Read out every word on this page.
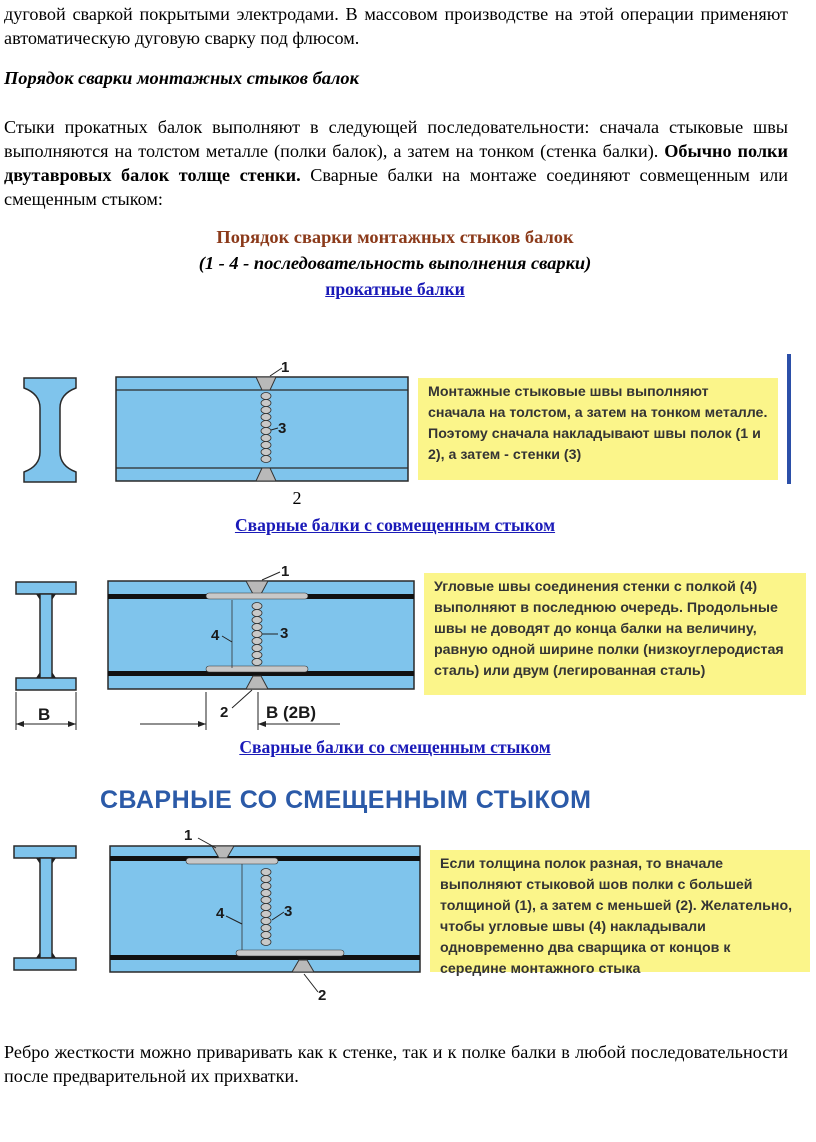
дуговой сваркой покрытыми электродами. В массовом производстве на этой операции применяют автоматическую дуговую сварку под флюсом.

Порядок сварки монтажных стыков балок

Стыки прокатных балок выполняют в следующей последовательности: сначала стыковые швы выполняются на толстом металле (полки балок), а затем на тонком (стенка балки). Обычно полки двутавровых балок толще стенки. Сварные балки на монтаже соединяют совмещенным или смещенным стыком:

Порядок сварки монтажных стыков балок

(1 - 4 - последовательность выполнения сварки)

прокатные балки

1
3
Монтажные стыковые швы выполняют сначала на толстом, а затем на тонком металле. Поэтому сначала накладывают швы полок (1 и 2), а затем - стенки (3)

2

Сварные балки с совмещенным стыком

1
3
4
2
В	В (2В)
Угловые швы соединения стенки с полкой (4) выполняют в последнюю очередь. Продольные швы не доводят до конца балки на величину, равную одной ширине полки (низкоуглеродистая сталь) или двум (легированная сталь)

Сварные балки со смещенным стыком

СВАРНЫЕ СО СМЕЩЕННЫМ СТЫКОМ
1
3
4
2
Если толщина полок разная, то вначале выполняют стыковой шов полки с большей толщиной (1), а затем с меньшей (2). Желательно, чтобы угловые швы (4) накладывали одновременно два сварщика от концов к середине монтажного стыка

Ребро жесткости можно приваривать как к стенке, так и к полке балки в любой последовательности после предварительной их прихватки.
